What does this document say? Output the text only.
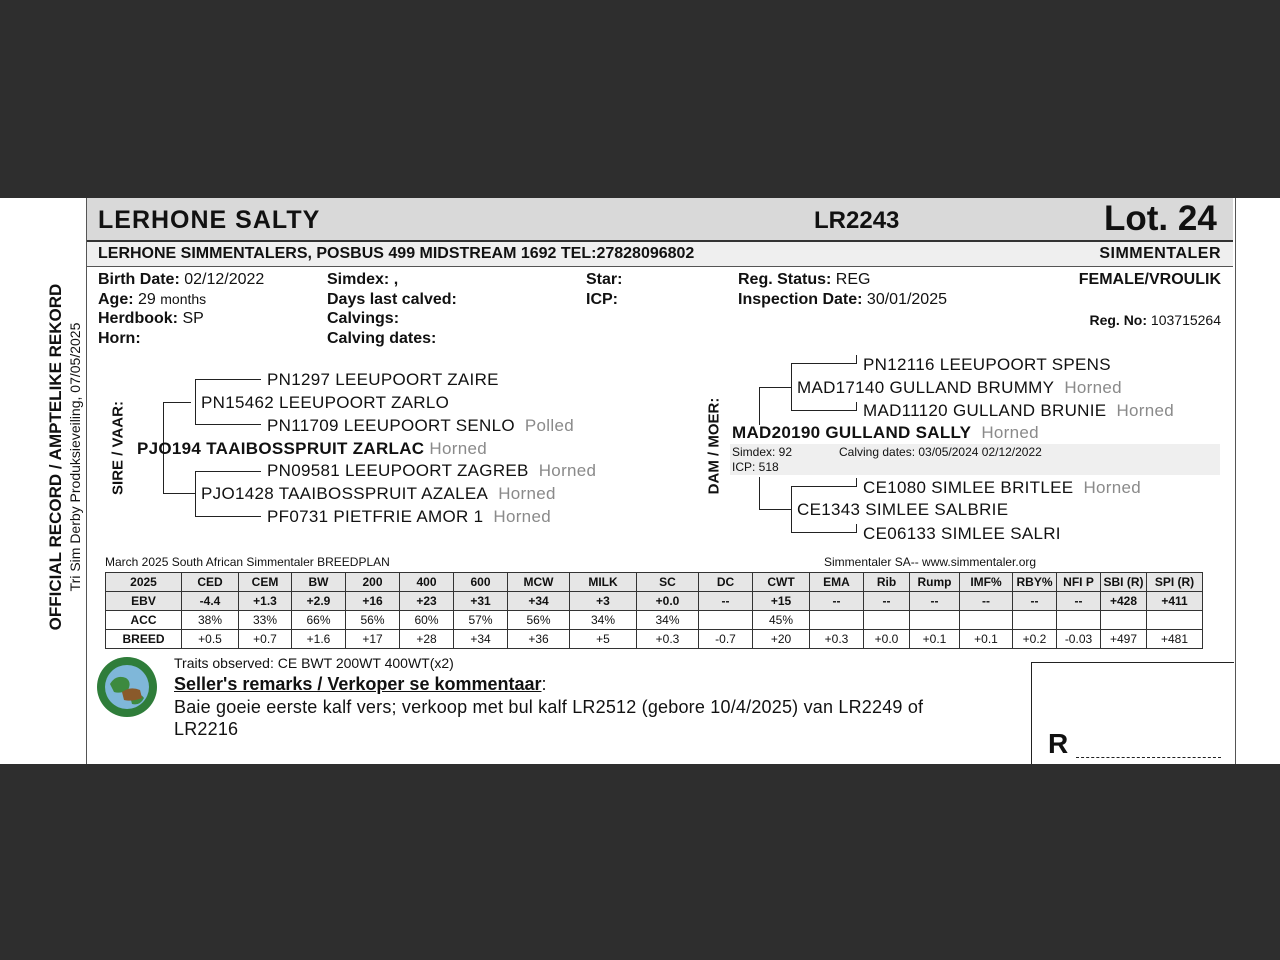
LERHONE SALTY	LR2243	Lot. 24
LERHONE SIMMENTALERS, POSBUS 499 MIDSTREAM 1692 TEL:27828096802	SIMMENTALER
OFFICIAL RECORD / AMPTELIKE REKORD Tri Sim Derby Produksieveiling, 07/05/2025
Birth Date: 02/12/2022
Age: 29 months
Herdbook: SP
Horn:
Simdex: ,
Days last calved:
Calvings:
Calving dates:
Star:
ICP:
Reg. Status: REG
Inspection Date: 30/01/2025
FEMALE/VROULIK
Reg. No: 103715264
SIRE / VAAR:
PN1297 LEEUPOORT ZAIRE
PN15462 LEEUPOORT ZARLO
PN11709 LEEUPOORT SENLO Polled
PJO194 TAAIBOSSPRUIT ZARLAC Horned
PN09581 LEEUPOORT ZAGREB Horned
PJO1428 TAAIBOSSPRUIT AZALEA Horned
PF0731 PIETFRIE AMOR 1 Horned
DAM / MOER:
PN12116 LEEUPOORT SPENS
MAD17140 GULLAND BRUMMY Horned
MAD11120 GULLAND BRUNIE Horned
MAD20190 GULLAND SALLY Horned
Simdex: 92	Calving dates: 03/05/2024 02/12/2022
ICP: 518
CE1080 SIMLEE BRITLEE Horned
CE1343 SIMLEE SALBRIE
CE06133 SIMLEE SALRI
March 2025 South African Simmentaler BREEDPLAN	Simmentaler SA-- www.simmentaler.org
2025	CED	CEM	BW	200	400	600	MCW	MILK	SC	DC	CWT	EMA	Rib	Rump	IMF%	RBY%	NFI P	SBI (R)	SPI (R)
EBV	-4.4	+1.3	+2.9	+16	+23	+31	+34	+3	+0.0	--	+15	--	--	--	--	--	--	+428	+411
ACC	38%	33%	66%	56%	60%	57%	56%	34%	34%		45%								
BREED	+0.5	+0.7	+1.6	+17	+28	+34	+36	+5	+0.3	-0.7	+20	+0.3	+0.0	+0.1	+0.1	+0.2	-0.03	+497	+481
R
Traits observed: CE BWT 200WT 400WT(x2)
Seller's remarks / Verkoper se kommentaar:
Baie goeie eerste kalf vers; verkoop met bul kalf LR2512 (gebore 10/4/2025) van LR2249 of
LR2216
